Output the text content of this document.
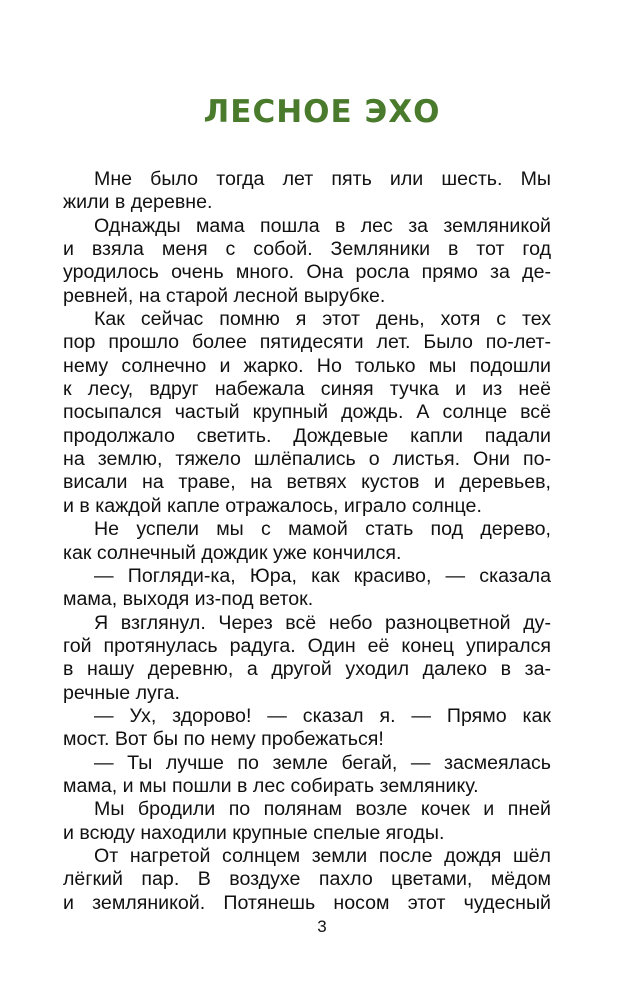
ЛЕСНОЕ ЭХО
Мне было тогда лет пять или шесть. Мы
жили в деревне.
Однажды мама пошла в лес за земляникой
и взяла меня с собой. Земляники в тот год
уродилось очень много. Она росла прямо за де-
ревней, на старой лесной вырубке.
Как сейчас помню я этот день, хотя с тех
пор прошло более пятидесяти лет. Было по-лет-
нему солнечно и жарко. Но только мы подошли
к лесу, вдруг набежала синяя тучка и из неё
посыпался частый крупный дождь. А солнце всё
продолжало светить. Дождевые капли падали
на землю, тяжело шлёпались о листья. Они по-
висали на траве, на ветвях кустов и деревьев,
и в каждой капле отражалось, играло солнце.
Не успели мы с мамой стать под дерево,
как солнечный дождик уже кончился.
— Погляди-ка, Юра, как красиво, — сказала
мама, выходя из-под веток.
Я взглянул. Через всё небо разноцветной ду-
гой протянулась радуга. Один её конец упирался
в нашу деревню, а другой уходил далеко в за-
речные луга.
— Ух, здорово! — сказал я. — Прямо как
мост. Вот бы по нему пробежаться!
— Ты лучше по земле бегай, — засмеялась
мама, и мы пошли в лес собирать землянику.
Мы бродили по полянам возле кочек и пней
и всюду находили крупные спелые ягоды.
От нагретой солнцем земли после дождя шёл
лёгкий пар. В воздухе пахло цветами, мёдом
и земляникой. Потянешь носом этот чудесный
3
